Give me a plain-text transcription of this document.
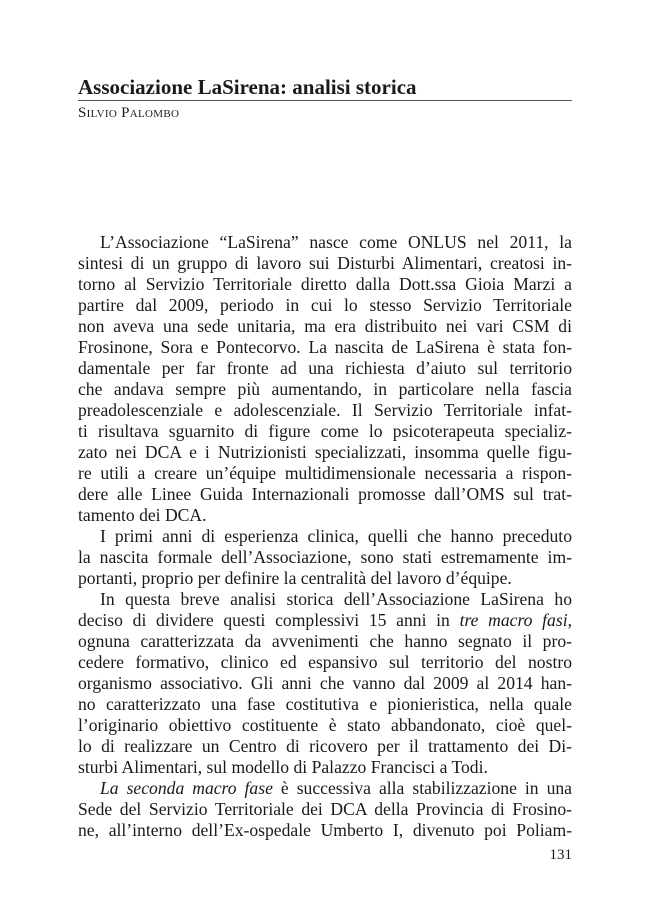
Associazione LaSirena: analisi storica
Silvio Palombo
L’Associazione “LaSirena” nasce come ONLUS nel 2011, la
sintesi di un gruppo di lavoro sui Disturbi Alimentari, creatosi in-
torno al Servizio Territoriale diretto dalla Dott.ssa Gioia Marzi a
partire dal 2009, periodo in cui lo stesso Servizio Territoriale
non aveva una sede unitaria, ma era distribuito nei vari CSM di
Frosinone, Sora e Pontecorvo. La nascita de LaSirena è stata fon-
damentale per far fronte ad una richiesta d’aiuto sul territorio
che andava sempre più aumentando, in particolare nella fascia
preadolescenziale e adolescenziale. Il Servizio Territoriale infat-
ti risultava sguarnito di figure come lo psicoterapeuta specializ-
zato nei DCA e i Nutrizionisti specializzati, insomma quelle figu-
re utili a creare un’équipe multidimensionale necessaria a rispon-
dere alle Linee Guida Internazionali promosse dall’OMS sul trat-
tamento dei DCA.
I primi anni di esperienza clinica, quelli che hanno preceduto
la nascita formale dell’Associazione, sono stati estremamente im-
portanti, proprio per definire la centralità del lavoro d’équipe.
In questa breve analisi storica dell’Associazione LaSirena ho
deciso di dividere questi complessivi 15 anni in tre macro fasi,
ognuna caratterizzata da avvenimenti che hanno segnato il pro-
cedere formativo, clinico ed espansivo sul territorio del nostro
organismo associativo. Gli anni che vanno dal 2009 al 2014 han-
no caratterizzato una fase costitutiva e pionieristica, nella quale
l’originario obiettivo costituente è stato abbandonato, cioè quel-
lo di realizzare un Centro di ricovero per il trattamento dei Di-
sturbi Alimentari, sul modello di Palazzo Francisci a Todi.
La seconda macro fase è successiva alla stabilizzazione in una
Sede del Servizio Territoriale dei DCA della Provincia di Frosino-
ne, all’interno dell’Ex-ospedale Umberto I, divenuto poi Poliam-
131
